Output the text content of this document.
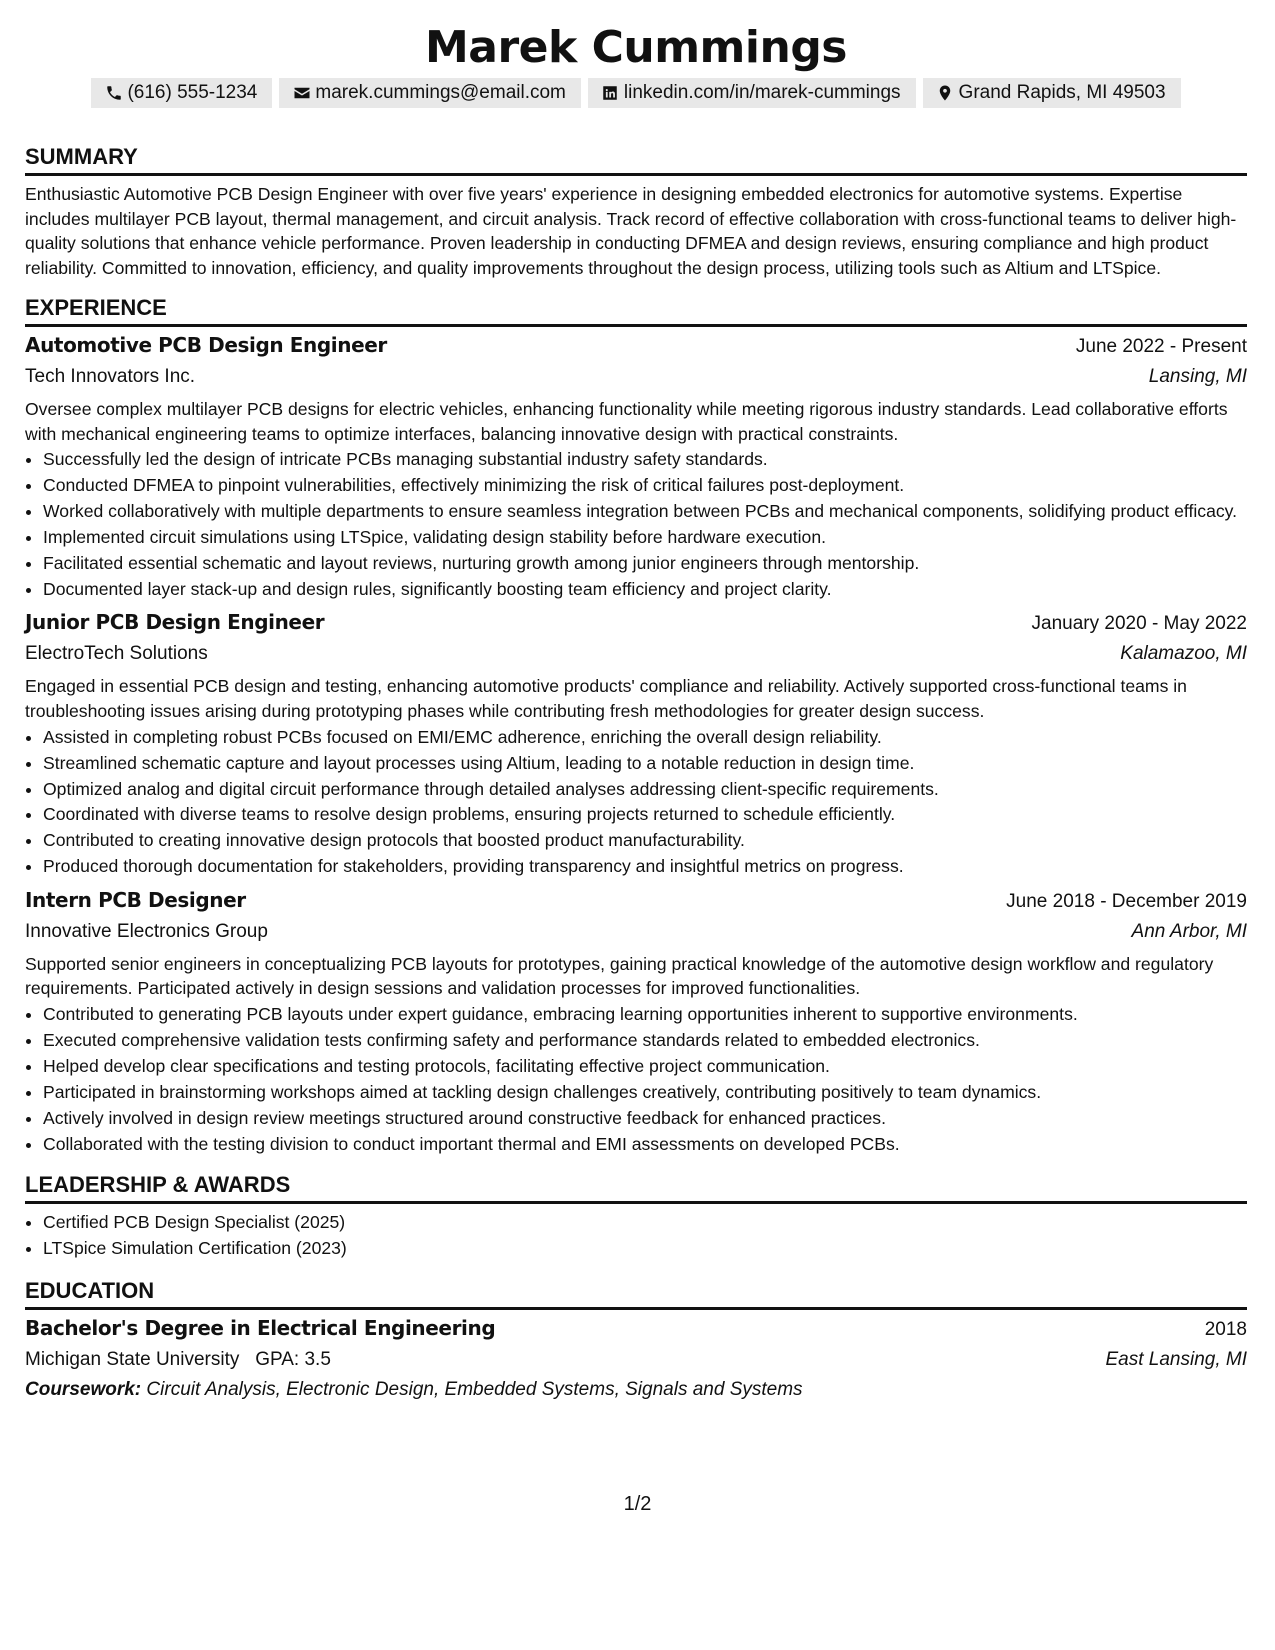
Marek Cummings
(616) 555-1234	marek.cummings@email.com	linkedin.com/in/marek-cummings	Grand Rapids, MI 49503
SUMMARY

Enthusiastic Automotive PCB Design Engineer with over five years' experience in designing embedded electronics for automotive systems. Expertise includes multilayer PCB layout, thermal management, and circuit analysis. Track record of effective collaboration with cross-functional teams to deliver high-quality solutions that enhance vehicle performance. Proven leadership in conducting DFMEA and design reviews, ensuring compliance and high product reliability. Committed to innovation, efficiency, and quality improvements throughout the design process, utilizing tools such as Altium and LTSpice.

EXPERIENCE
Automotive PCB Design Engineer	June 2022 - Present
Tech Innovators Inc.	Lansing, MI

Oversee complex multilayer PCB designs for electric vehicles, enhancing functionality while meeting rigorous industry standards. Lead collaborative efforts with mechanical engineering teams to optimize interfaces, balancing innovative design with practical constraints.

• Successfully led the design of intricate PCBs managing substantial industry safety standards.
• Conducted DFMEA to pinpoint vulnerabilities, effectively minimizing the risk of critical failures post-deployment.
• Worked collaboratively with multiple departments to ensure seamless integration between PCBs and mechanical components, solidifying product efficacy.
• Implemented circuit simulations using LTSpice, validating design stability before hardware execution.
• Facilitated essential schematic and layout reviews, nurturing growth among junior engineers through mentorship.
• Documented layer stack-up and design rules, significantly boosting team efficiency and project clarity.
Junior PCB Design Engineer	January 2020 - May 2022
ElectroTech Solutions	Kalamazoo, MI

Engaged in essential PCB design and testing, enhancing automotive products' compliance and reliability. Actively supported cross-functional teams in troubleshooting issues arising during prototyping phases while contributing fresh methodologies for greater design success.

• Assisted in completing robust PCBs focused on EMI/EMC adherence, enriching the overall design reliability.
• Streamlined schematic capture and layout processes using Altium, leading to a notable reduction in design time.
• Optimized analog and digital circuit performance through detailed analyses addressing client-specific requirements.
• Coordinated with diverse teams to resolve design problems, ensuring projects returned to schedule efficiently.
• Contributed to creating innovative design protocols that boosted product manufacturability.
• Produced thorough documentation for stakeholders, providing transparency and insightful metrics on progress.
Intern PCB Designer	June 2018 - December 2019
Innovative Electronics Group	Ann Arbor, MI

Supported senior engineers in conceptualizing PCB layouts for prototypes, gaining practical knowledge of the automotive design workflow and regulatory requirements. Participated actively in design sessions and validation processes for improved functionalities.

• Contributed to generating PCB layouts under expert guidance, embracing learning opportunities inherent to supportive environments.
• Executed comprehensive validation tests confirming safety and performance standards related to embedded electronics.
• Helped develop clear specifications and testing protocols, facilitating effective project communication.
• Participated in brainstorming workshops aimed at tackling design challenges creatively, contributing positively to team dynamics.
• Actively involved in design review meetings structured around constructive feedback for enhanced practices.
• Collaborated with the testing division to conduct important thermal and EMI assessments on developed PCBs.
LEADERSHIP & AWARDS
• Certified PCB Design Specialist (2025)
• LTSpice Simulation Certification (2023)
EDUCATION
Bachelor's Degree in Electrical Engineering	2018
Michigan State University GPA: 3.5	East Lansing, MI
Coursework: Circuit Analysis, Electronic Design, Embedded Systems, Signals and Systems
1/2
